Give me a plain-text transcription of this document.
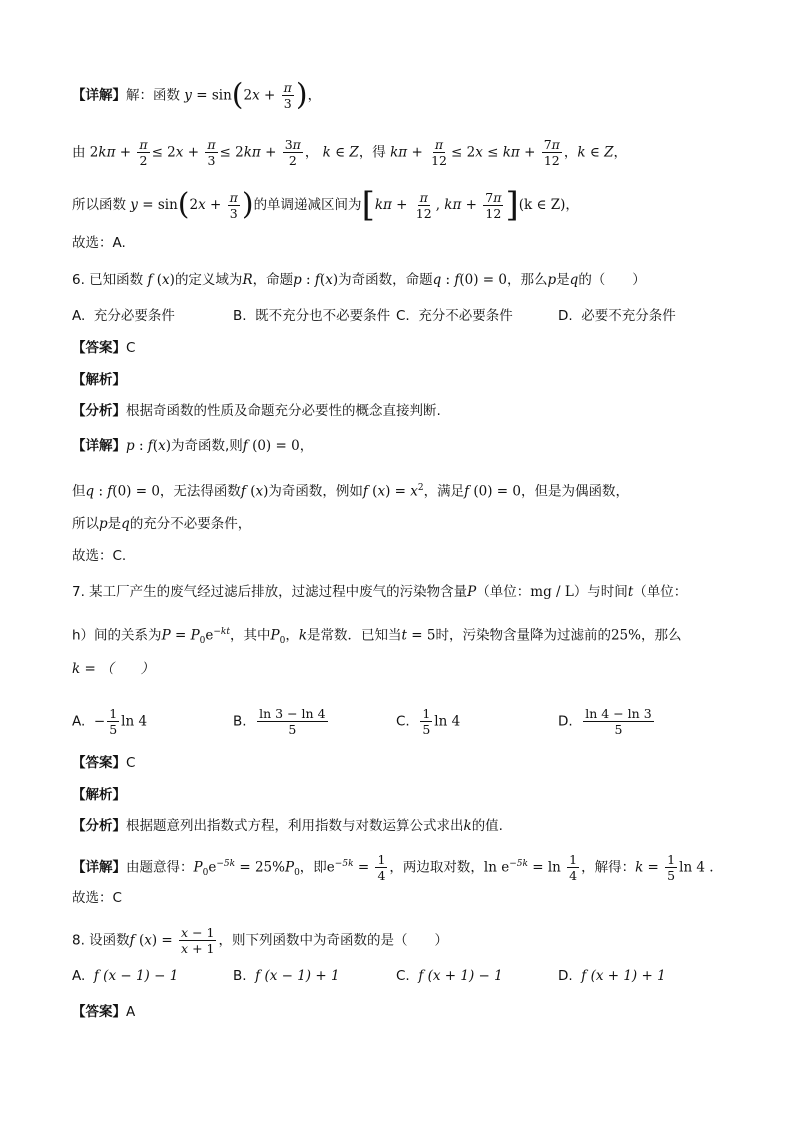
【详解】解：函数 $y = \sin(2x + \frac{\pi}{3}$ )，
由 $2k\pi + \frac{\pi}{2} \le 2x + \frac{\pi}{3} \le 2k\pi + \frac{3\pi}{2}$ ， k ∈ Z，得 $k\pi + \frac{\pi}{12} \le 2x \le k\pi + \frac{7\pi}{12}$ ，k ∈ Z，
所以函数 $y = \sin(2x + \frac{\pi}{3}$ )的单调递减区间为[$k\pi + \frac{\pi}{12}$ , $k\pi + \frac{7\pi}{12} ](k$ ∈ Z)，
故选：A.
6. 已知函数 f (x)的定义域为R，命题p : f(x)为奇函数，命题q : f(0) = 0，那么p是q的（　　）
A. 充分必要条件	B. 既不充分也不必要条件 C. 充分不必要条件	D. 必要不充分条件
【答案】C
【解析】
【分析】根据奇函数的性质及命题充分必要性的概念直接判断.
【详解】p : f(x)为奇函数,则f (0) = 0，
但q : f(0) = 0，无法得函数f (x)为奇函数，例如f $(x) = x^2$，满足f (0) = 0，但是为偶函数，
所以p是q的充分不必要条件，
故选：C.
7. 某工厂产生的废气经过滤后排放，过滤过程中废气的污染物含量P（单位：mg / L）与时间t（单位：
h）间的关系为$P = P_0e^{-kt}$，其中$P_0$，k是常数．已知当t = 5时，污染物含量降为过滤前的25%，那么
k = （　　）
A. − $\frac{1}{5}$ ln 4	B. $\frac{\ln 3 - \ln 4}{5}$	C. $\frac{1}{5}$ ln 4	D. $\frac{\ln 4 - \ln 3}{5}$
【答案】C
【解析】
【分析】根据题意列出指数式方程，利用指数与对数运算公式求出k的值.
【详解】由题意得：$P_0e^{-5k} = 25\%P_0$，即$e^{-5k} = \frac{1}{4}$ ，两边取对数，$\ln e^{-5k} = \ln \frac{1}{4}$ ，解得：$k = \frac{1}{5}$ ln 4 .
故选：C
8. 设函数f $(x) = \frac{x - 1}{x + 1}$ ，则下列函数中为奇函数的是（　　）
A. f (x − 1) − 1	B. f (x − 1) + 1	C. f (x + 1) − 1	D. f (x + 1) + 1
【答案】A
